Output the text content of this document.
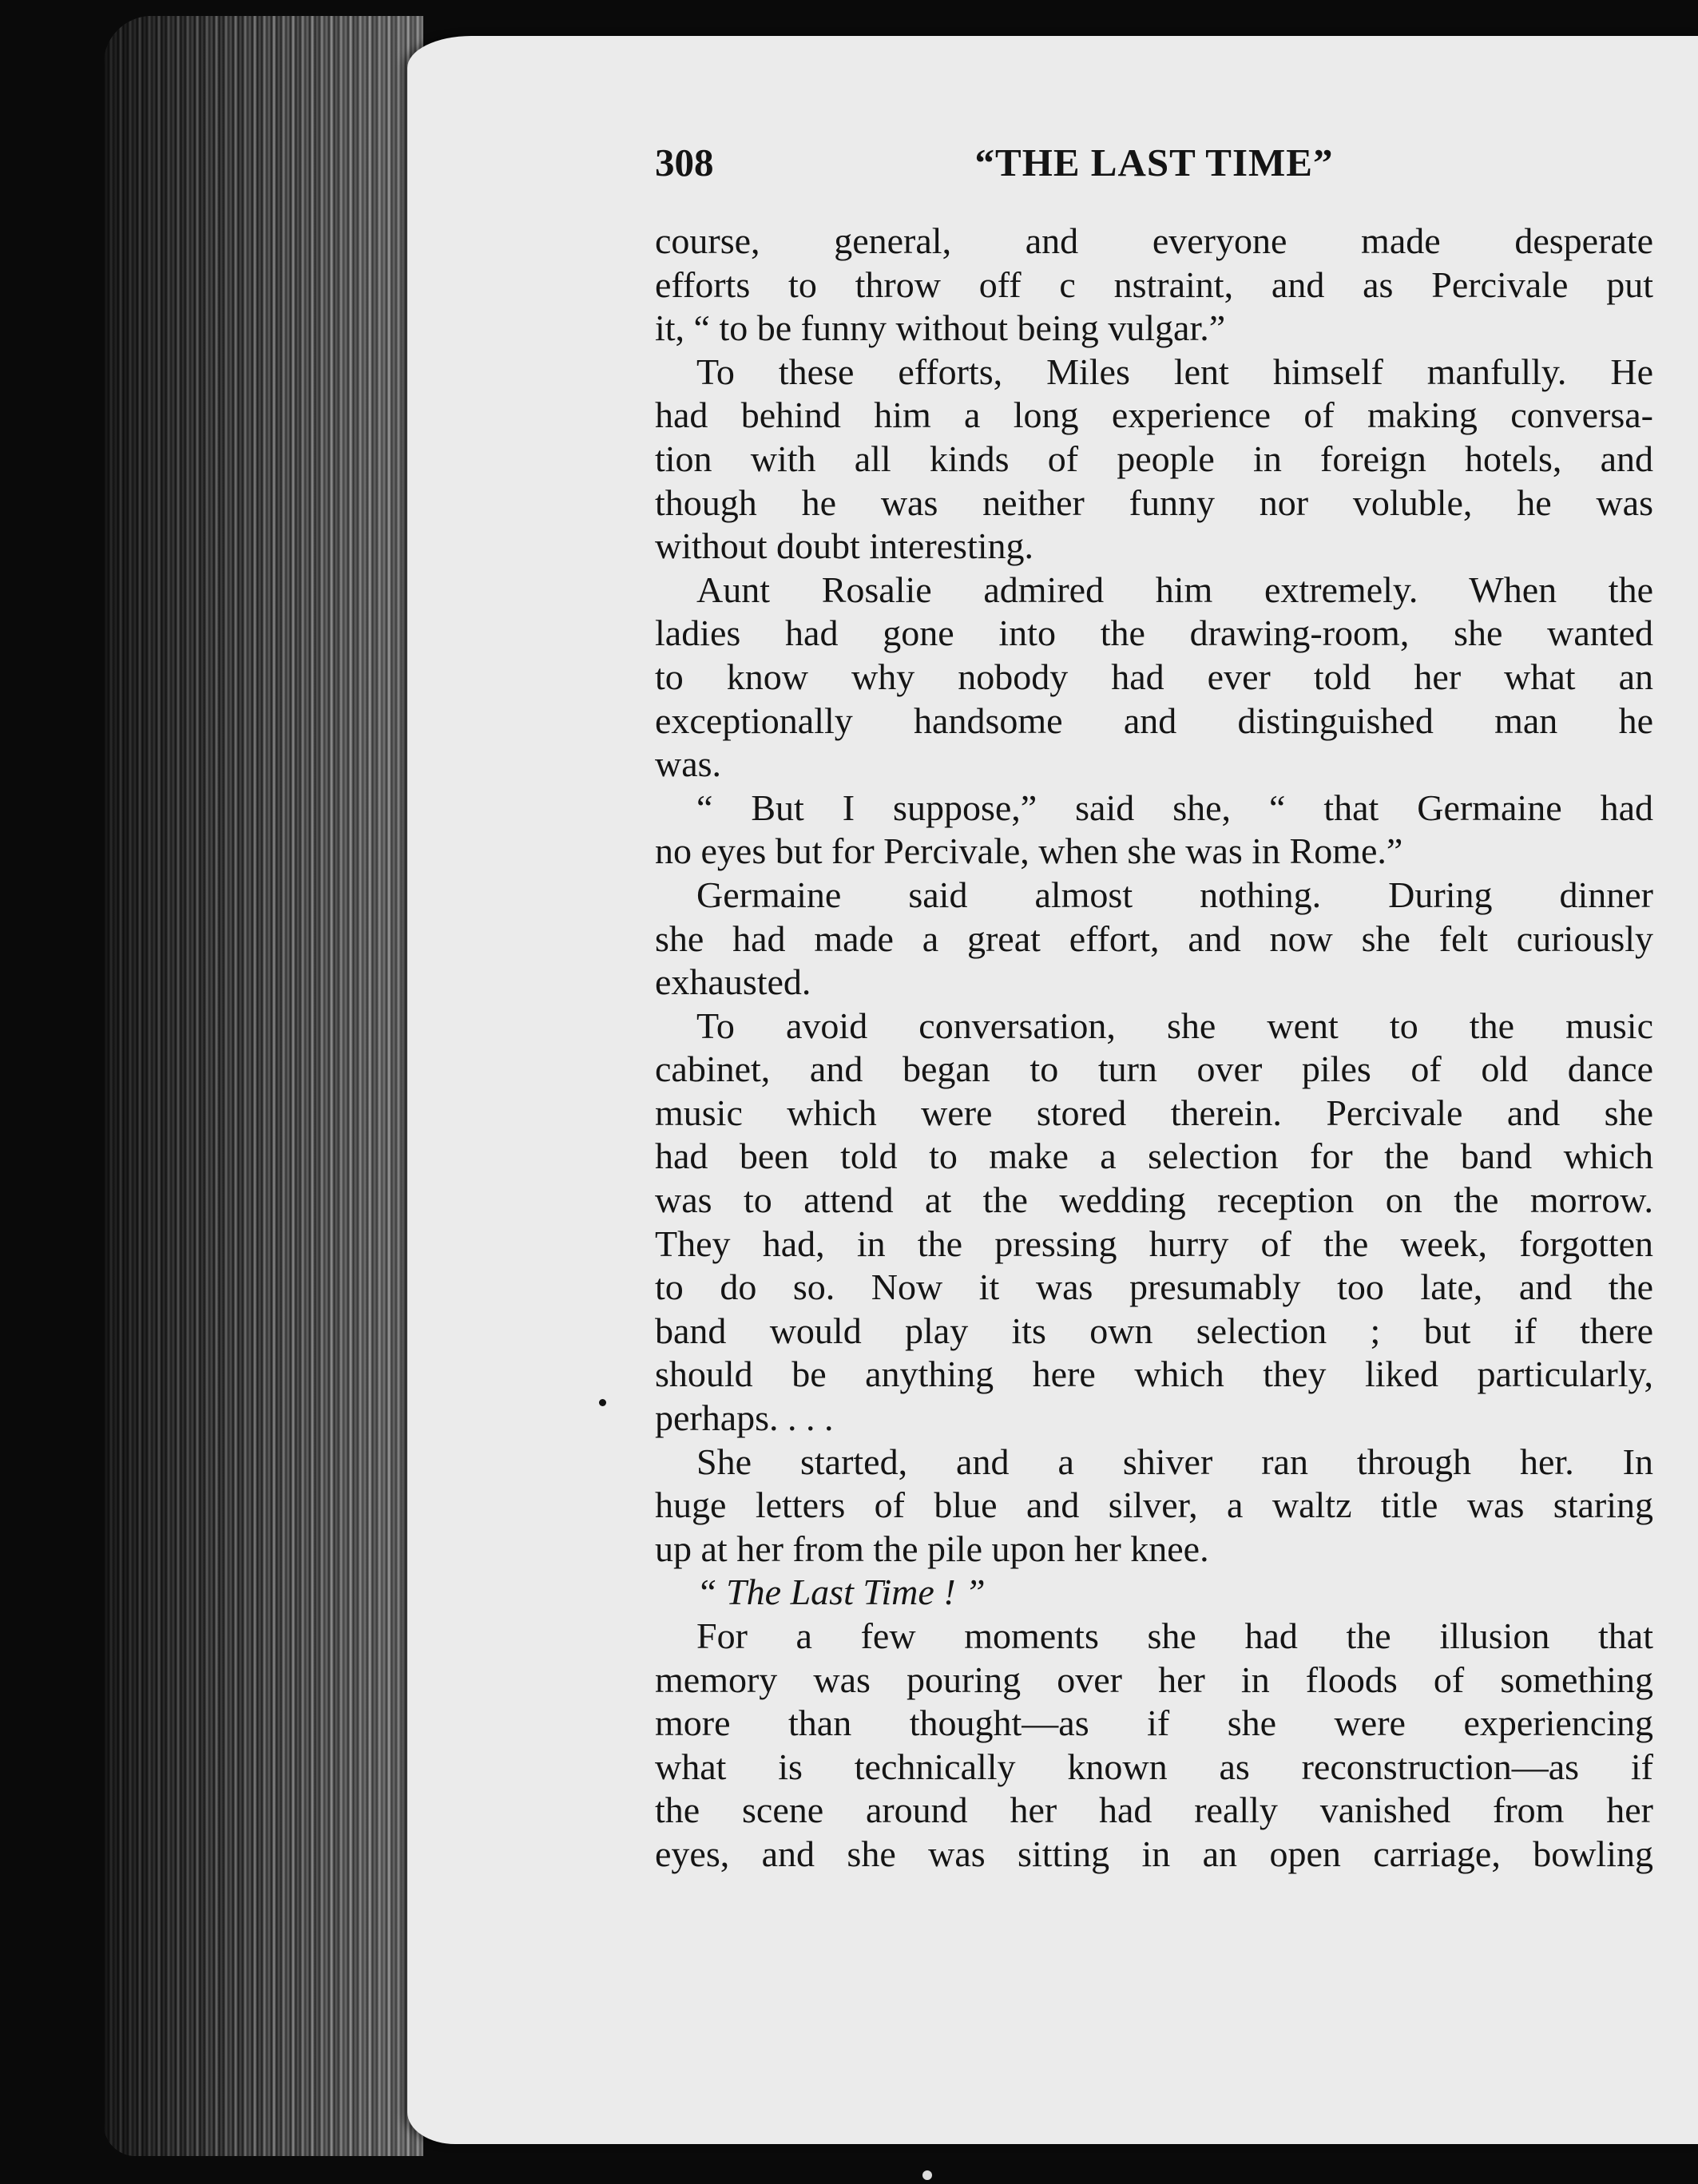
308	“THE LAST TIME”
course, general, and everyone made desperate
efforts to throw off c nstraint, and as Percivale put
it, “ to be funny without being vulgar.”
To these efforts, Miles lent himself manfully. He
had behind him a long experience of making conversa-
tion with all kinds of people in foreign hotels, and
though he was neither funny nor voluble, he was
without doubt interesting.
Aunt Rosalie admired him extremely. When the
ladies had gone into the drawing-room, she wanted
to know why nobody had ever told her what an
exceptionally handsome and distinguished man he
was.
“ But I suppose,” said she, “ that Germaine had
no eyes but for Percivale, when she was in Rome.”
Germaine said almost nothing. During dinner
she had made a great effort, and now she felt curiously
exhausted.
To avoid conversation, she went to the music
cabinet, and began to turn over piles of old dance
music which were stored therein. Percivale and she
had been told to make a selection for the band which
was to attend at the wedding reception on the morrow.
They had, in the pressing hurry of the week, forgotten
to do so. Now it was presumably too late, and the
band would play its own selection ; but if there
should be anything here which they liked particularly,
perhaps. . . .
She started, and a shiver ran through her. In
huge letters of blue and silver, a waltz title was staring
up at her from the pile upon her knee.
“ The Last Time ! ”
For a few moments she had the illusion that
memory was pouring over her in floods of something
more than thought—as if she were experiencing
what is technically known as reconstruction—as if
the scene around her had really vanished from her
eyes, and she was sitting in an open carriage, bowling
